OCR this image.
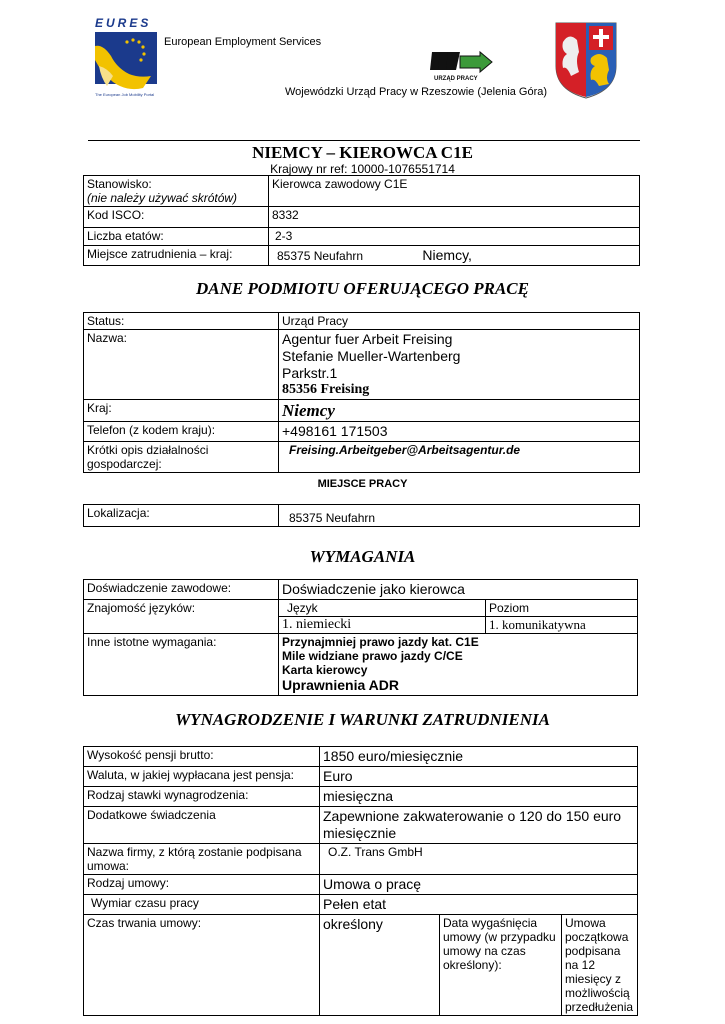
EURES
The European Job Mobility Portal
European Employment Services
URZĄD PRACY
Wojewódzki Urząd Pracy w Rzeszowie (Jelenia Góra)
NIEMCY – KIEROWCA C1E
Krajowy nr ref: 10000-1076551714
Stanowisko:
(nie należy używać skrótów)	Kierowca zawodowy C1E
Kod ISCO:	8332
Liczba etatów:	2-3
Miejsce zatrudnienia – kraj:	85375 Neufahrn Niemcy,
DANE PODMIOTU OFERUJĄCEGO PRACĘ
Status:	Urząd Pracy
Nazwa:	Agentur fuer Arbeit Freising
Stefanie Mueller-Wartenberg
Parkstr.1
85356 Freising

Kraj:	Niemcy
Telefon (z kodem kraju):	+498161 171503
Krótki opis działalności gospodarczej:	Freising.Arbeitgeber@Arbeitsagentur.de
MIEJSCE PRACY
Lokalizacja:	85375 Neufahrn
WYMAGANIA
Doświadczenie zawodowe:	Doświadczenie jako kierowca	
Znajomość języków:	Język	Poziom
	1. niemiecki	1. komunikatywna
Inne istotne wymagania:	Przynajmniej prawo jazdy kat. C1E
Mile widziane prawo jazdy C/CE
Karta kierowcy
Uprawnienia ADR	
WYNAGRODZENIE I WARUNKI ZATRUDNIENIA
Wysokość pensji brutto:	1850 euro/miesięcznie		
Waluta, w jakiej wypłacana jest pensja:	Euro		
Rodzaj stawki wynagrodzenia:	miesięczna		
Dodatkowe świadczenia	Zapewnione zakwaterowanie o 120 do 150 euro miesięcznie		
Nazwa firmy, z którą zostanie podpisana umowa:	O.Z. Trans GmbH		
Rodzaj umowy:	Umowa o pracę		
Wymiar czasu pracy	Pełen etat		
Czas trwania umowy:	określony	Data wygaśnięcia umowy (w przypadku umowy na czas określony):	Umowa początkowa podpisana na 12 miesięcy z możliwością przedłużenia
